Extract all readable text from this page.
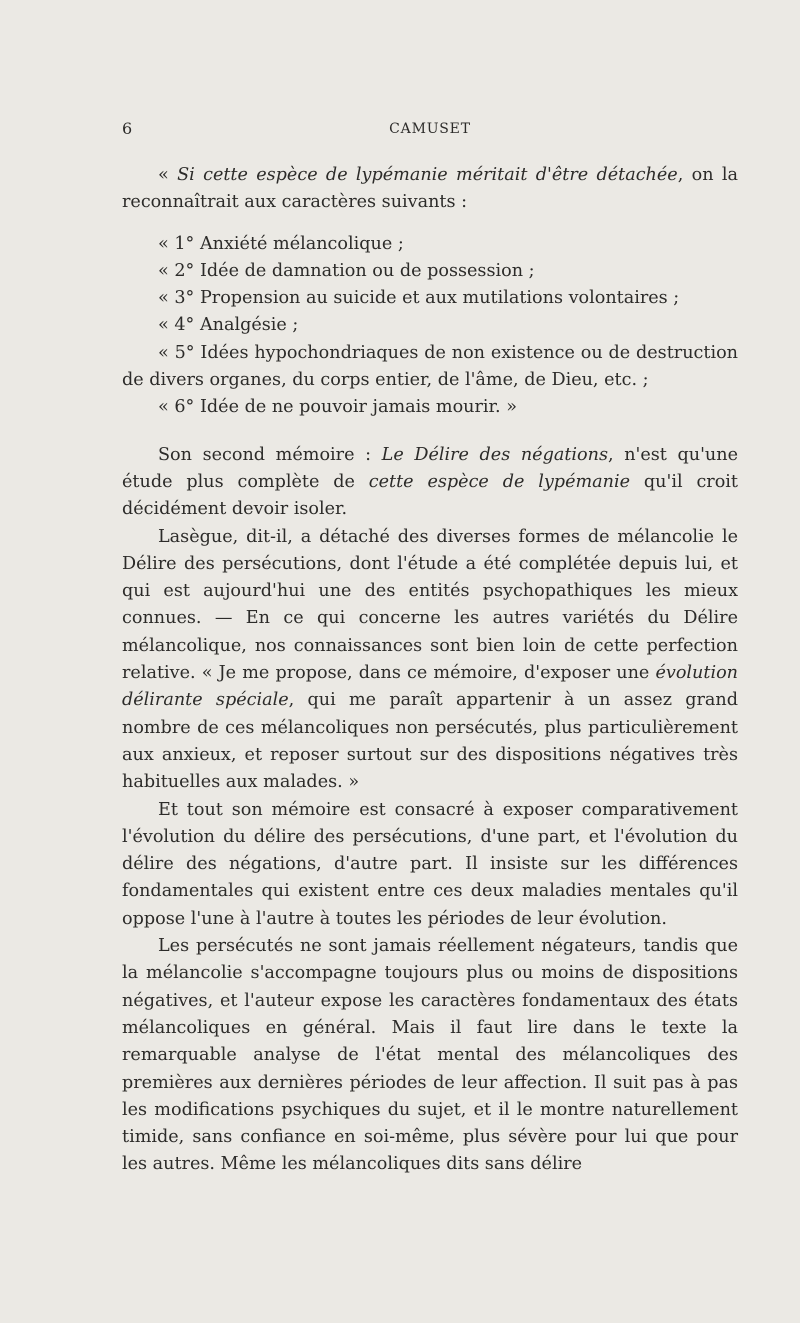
6	CAMUSET

« Si cette espèce de lypémanie méritait d'être détachée, on la reconnaîtrait aux caractères suivants :

« 1° Anxiété mélancolique ;

« 2° Idée de damnation ou de possession ;

« 3° Propension au suicide et aux mutilations volontaires ;

« 4° Analgésie ;

« 5° Idées hypochondriaques de non existence ou de destruction de divers organes, du corps entier, de l'âme, de Dieu, etc. ;

« 6° Idée de ne pouvoir jamais mourir. »

Son second mémoire : Le Délire des négations, n'est qu'une étude plus complète de cette espèce de lypémanie qu'il croit décidément devoir isoler.

Lasègue, dit-il, a détaché des diverses formes de mélancolie le Délire des persécutions, dont l'étude a été complétée depuis lui, et qui est aujourd'hui une des entités psychopathiques les mieux connues. — En ce qui concerne les autres variétés du Délire mélancolique, nos connaissances sont bien loin de cette perfection relative. « Je me propose, dans ce mémoire, d'exposer une évolution délirante spéciale, qui me paraît appartenir à un assez grand nombre de ces mélancoliques non persécutés, plus particulièrement aux anxieux, et reposer surtout sur des dispositions négatives très habituelles aux malades. »

Et tout son mémoire est consacré à exposer comparativement l'évolution du délire des persécutions, d'une part, et l'évolution du délire des négations, d'autre part. Il insiste sur les différences fondamentales qui existent entre ces deux maladies mentales qu'il oppose l'une à l'autre à toutes les périodes de leur évolution.

Les persécutés ne sont jamais réellement négateurs, tandis que la mélancolie s'accompagne toujours plus ou moins de dispositions négatives, et l'auteur expose les caractères fondamentaux des états mélancoliques en général. Mais il faut lire dans le texte la remarquable analyse de l'état mental des mélancoliques des premières aux dernières périodes de leur affection. Il suit pas à pas les modifications psychiques du sujet, et il le montre naturellement timide, sans confiance en soi-même, plus sévère pour lui que pour les autres. Même les mélancoliques dits sans délire
